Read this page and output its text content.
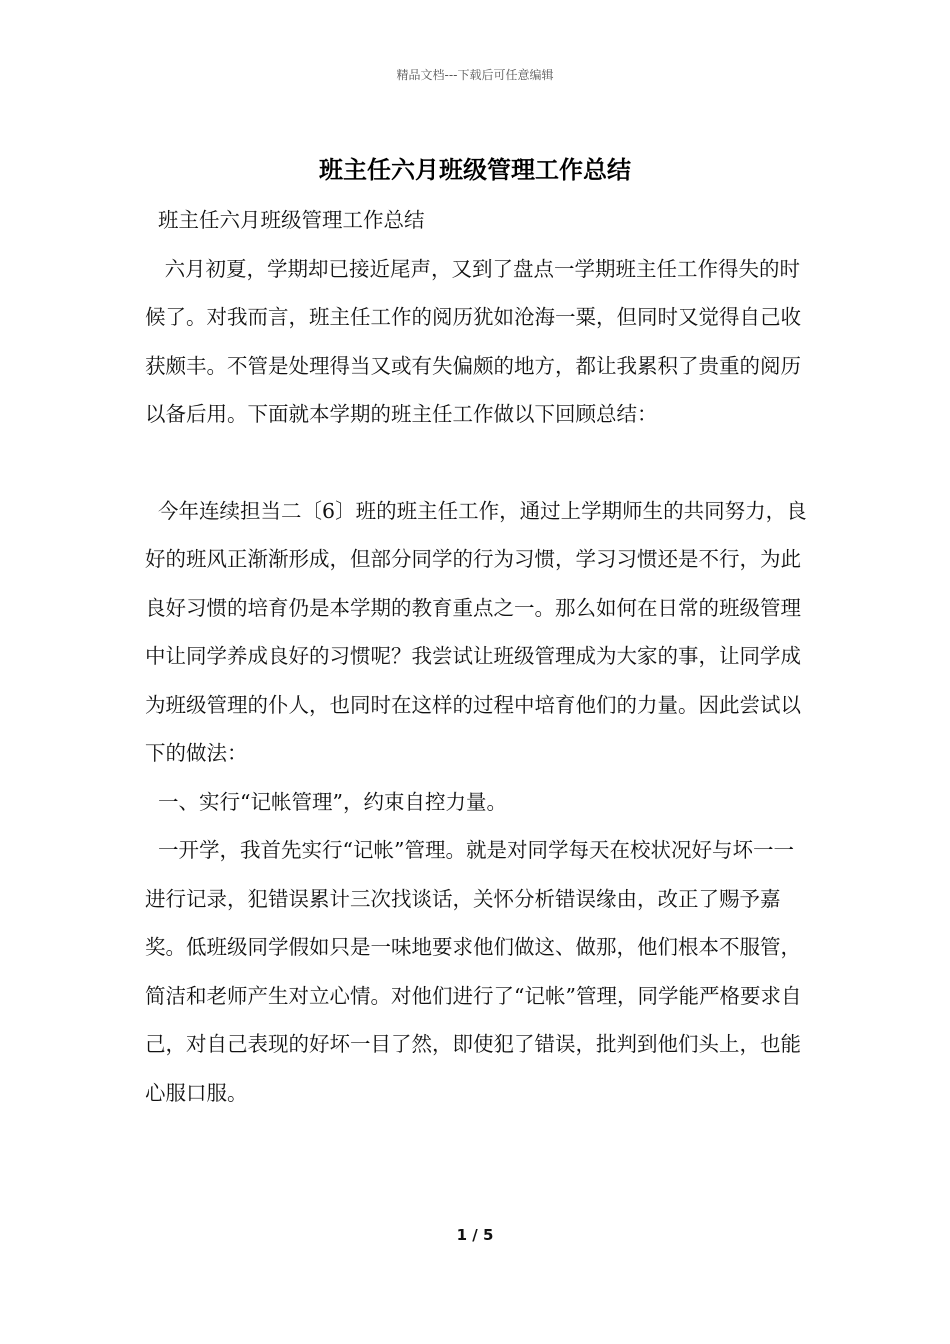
精品文档---下载后可任意编辑
班主任六月班级管理工作总结

班主任六月班级管理工作总结

六月初夏，学期却已接近尾声，又到了盘点一学期班主任工作得失的时候了。对我而言，班主任工作的阅历犹如沧海一粟，但同时又觉得自己收获颇丰。不管是处理得当又或有失偏颇的地方，都让我累积了贵重的阅历以备后用。下面就本学期的班主任工作做以下回顾总结：

今年连续担当二〔6〕班的班主任工作，通过上学期师生的共同努力，良好的班风正渐渐形成，但部分同学的行为习惯，学习习惯还是不行，为此良好习惯的培育仍是本学期的教育重点之一。那么如何在日常的班级管理中让同学养成良好的习惯呢？我尝试让班级管理成为大家的事，让同学成为班级管理的仆人，也同时在这样的过程中培育他们的力量。因此尝试以下的做法：

一、实行“记帐管理”，约束自控力量。

一开学，我首先实行“记帐”管理。就是对同学每天在校状况好与坏一一进行记录，犯错误累计三次找谈话，关怀分析错误缘由，改正了赐予嘉奖。低班级同学假如只是一味地要求他们做这、做那，他们根本不服管，简洁和老师产生对立心情。对他们进行了“记帐”管理，同学能严格要求自己，对自己表现的好坏一目了然，即使犯了错误，批判到他们头上，也能心服口服。

1 / 5
